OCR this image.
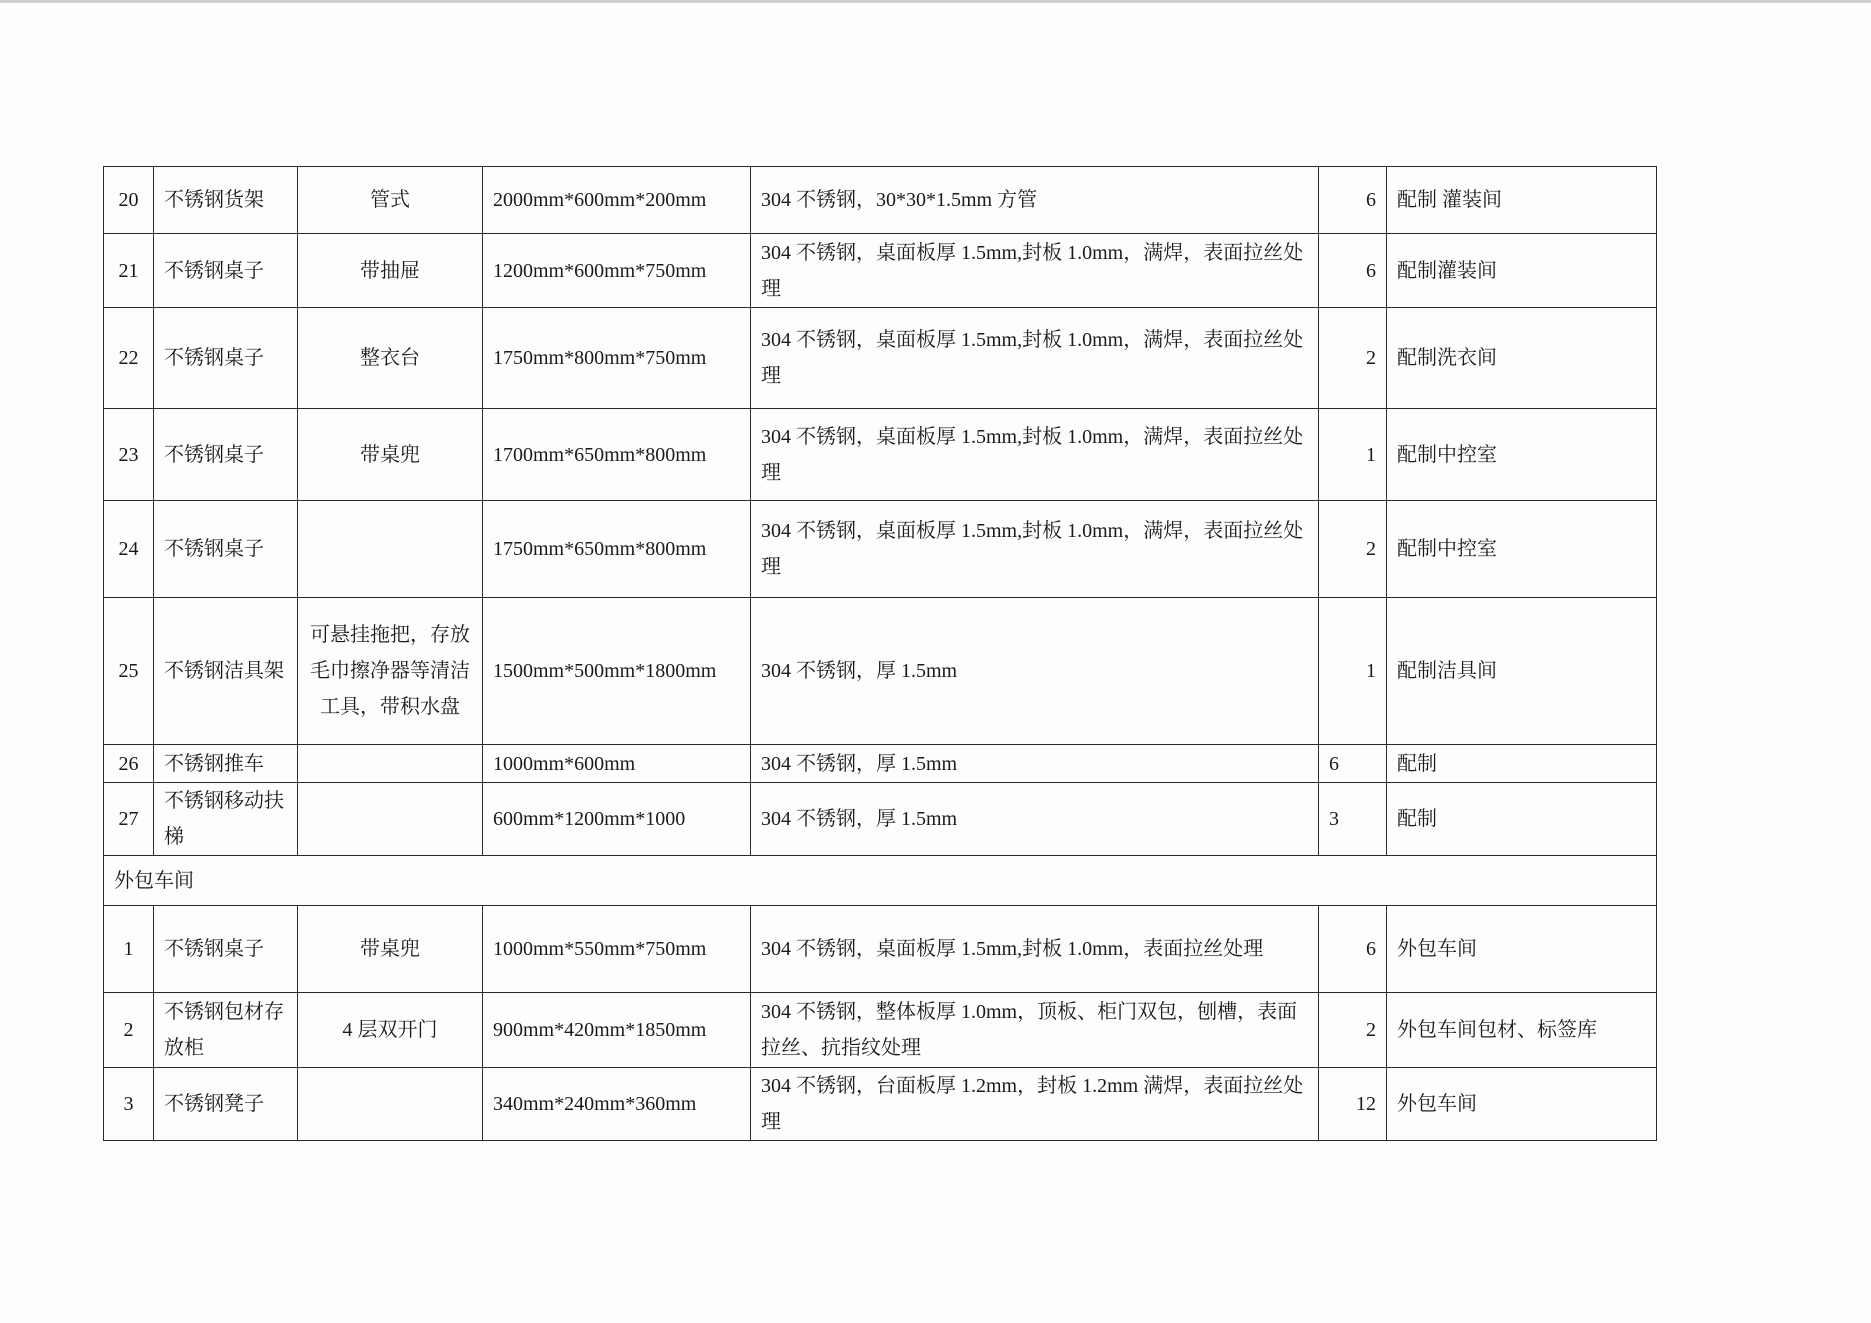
20	不锈钢货架	管式	2000mm*600mm*200mm	304 不锈钢，30*30*1.5mm 方管	6	配制 灌装间
21	不锈钢桌子	带抽屉	1200mm*600mm*750mm	304 不锈钢，桌面板厚 1.5mm,封板 1.0mm，满焊，表面拉丝处理	6	配制灌装间
22	不锈钢桌子	整衣台	1750mm*800mm*750mm	304 不锈钢，桌面板厚 1.5mm,封板 1.0mm，满焊，表面拉丝处理	2	配制洗衣间
23	不锈钢桌子	带桌兜	1700mm*650mm*800mm	304 不锈钢，桌面板厚 1.5mm,封板 1.0mm，满焊，表面拉丝处理	1	配制中控室
24	不锈钢桌子		1750mm*650mm*800mm	304 不锈钢，桌面板厚 1.5mm,封板 1.0mm，满焊，表面拉丝处理	2	配制中控室
25	不锈钢洁具架	可悬挂拖把，存放毛巾擦净器等清洁工具，带积水盘	1500mm*500mm*1800mm	304 不锈钢，厚 1.5mm	1	配制洁具间
26	不锈钢推车		1000mm*600mm	304 不锈钢，厚 1.5mm	6	配制
27	不锈钢移动扶梯		600mm*1200mm*1000	304 不锈钢，厚 1.5mm	3	配制
外包车间						
1	不锈钢桌子	带桌兜	1000mm*550mm*750mm	304 不锈钢，桌面板厚 1.5mm,封板 1.0mm，表面拉丝处理	6	外包车间
2	不锈钢包材存放柜	4 层双开门	900mm*420mm*1850mm	304 不锈钢，整体板厚 1.0mm，顶板、柜门双包，刨槽，表面拉丝、抗指纹处理	2	外包车间包材、标签库
3	不锈钢凳子		340mm*240mm*360mm	304 不锈钢，台面板厚 1.2mm，封板 1.2mm 满焊，表面拉丝处理	12	外包车间
